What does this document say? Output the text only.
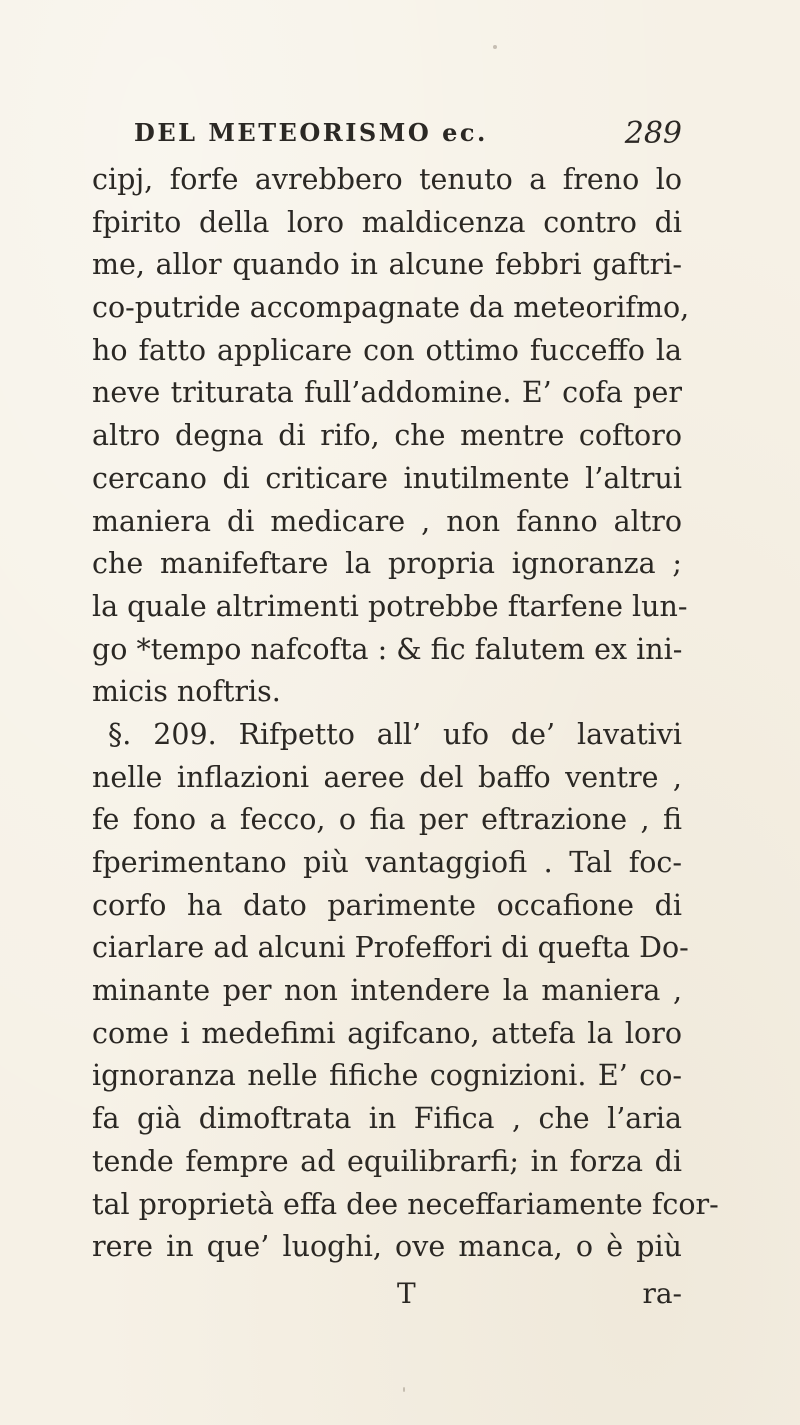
DEL METEORISMO ec.	289
cipj, forfe avrebbero tenuto a freno lo
fpirito della loro maldicenza contro di
me, allor quando in alcune febbri gaftri-
co-putride accompagnate da meteorifmo,
ho fatto applicare con ottimo fucceffo la
neve triturata full’addomine. E’ cofa per
altro degna di rifo, che mentre coftoro
cercano di criticare inutilmente l’altrui
maniera di medicare , non fanno altro
che manifeftare la propria ignoranza ;
la quale altrimenti potrebbe ftarfene lun-
go *tempo nafcofta : & fic falutem ex ini-
micis noftris.
§. 209. Rifpetto all’ ufo de’ lavativi
nelle inflazioni aeree del baffo ventre ,
fe fono a fecco, o fia per eftrazione , fi
fperimentano più vantaggiofi . Tal foc-
corfo ha dato parimente occafione di
ciarlare ad alcuni Profeffori di quefta Do-
minante per non intendere la maniera ,
come i medefimi agifcano, attefa la loro
ignoranza nelle fifiche cognizioni. E’ co-
fa già dimoftrata in Fifica , che l’aria
tende fempre ad equilibrarfi; in forza di
tal proprietà effa dee neceffariamente fcor-
rere in que’ luoghi, ove manca, o è più
T	ra-
